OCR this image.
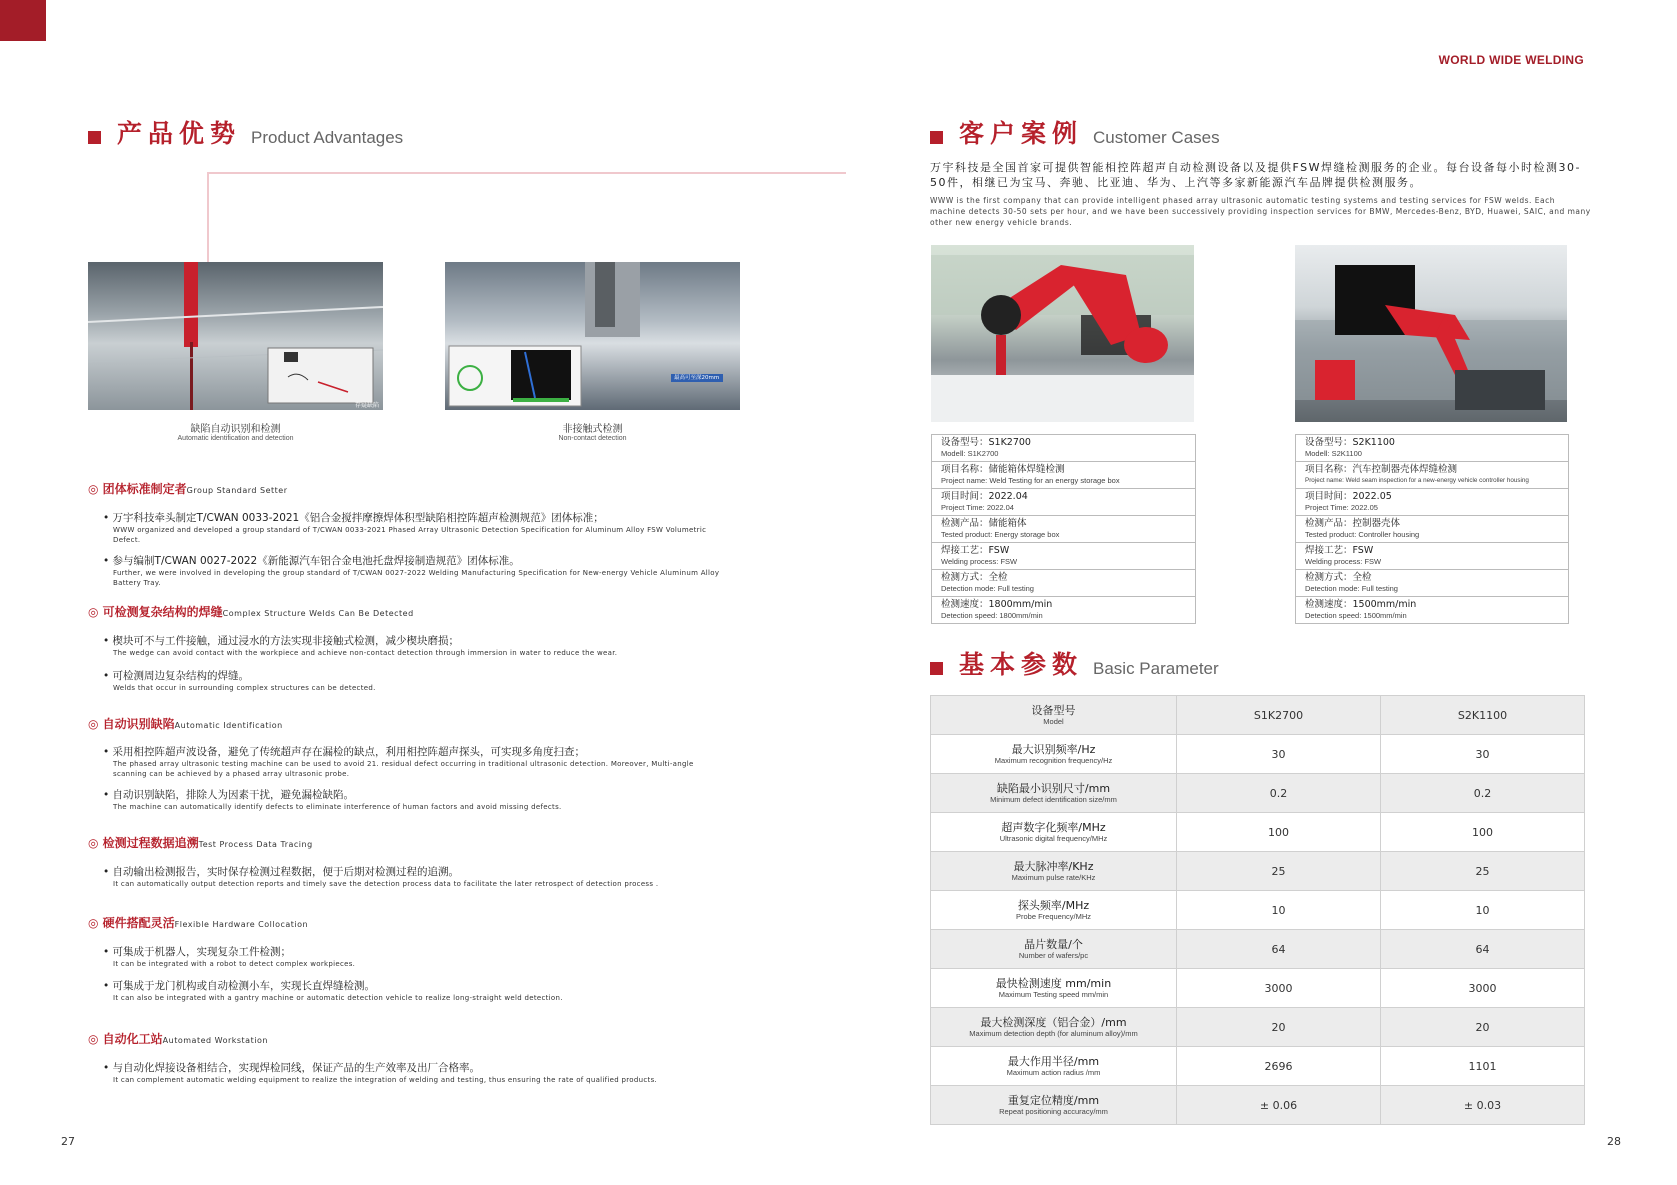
WORLD WIDE WELDING
产品优势 Product Advantages
存疑缺陷
缺陷自动识别和检测
Automatic identification and detection
最高可至深20mm
非接触式检测
Non-contact detection
◎ 团体标准制定者Group Standard Setter
• 万宇科技牵头制定T/CWAN 0033-2021《铝合金搅拌摩擦焊体积型缺陷相控阵超声检测规范》团体标准；
WWW organized and developed a group standard of T/CWAN 0033-2021 Phased Array Ultrasonic Detection Specification for Aluminum Alloy FSW Volumetric Defect.
• 参与编制T/CWAN 0027-2022《新能源汽车铝合金电池托盘焊接制造规范》团体标准。
Further, we were involved in developing the group standard of T/CWAN 0027-2022 Welding Manufacturing Specification for New-energy Vehicle Aluminum Alloy Battery Tray.
◎ 可检测复杂结构的焊缝Complex Structure Welds Can Be Detected
• 楔块可不与工件接触，通过浸水的方法实现非接触式检测，减少楔块磨损；
The wedge can avoid contact with the workpiece and achieve non-contact detection through immersion in water to reduce the wear.
• 可检测周边复杂结构的焊缝。
Welds that occur in surrounding complex structures can be detected.
◎ 自动识别缺陷Automatic Identification
• 采用相控阵超声波设备，避免了传统超声存在漏检的缺点，利用相控阵超声探头，可实现多角度扫查；
The phased array ultrasonic testing machine can be used to avoid 21. residual defect occurring in traditional ultrasonic detection. Moreover, Multi-angle scanning can be achieved by a phased array ultrasonic probe.
• 自动识别缺陷，排除人为因素干扰，避免漏检缺陷。
The machine can automatically identify defects to eliminate interference of human factors and avoid missing defects.
◎ 检测过程数据追溯Test Process Data Tracing
• 自动输出检测报告，实时保存检测过程数据，便于后期对检测过程的追溯。
It can automatically output detection reports and timely save the detection process data to facilitate the later retrospect of detection process .
◎ 硬件搭配灵活Flexible Hardware Collocation
• 可集成于机器人，实现复杂工件检测；
It can be integrated with a robot to detect complex workpieces.
• 可集成于龙门机构或自动检测小车，实现长直焊缝检测。
It can also be integrated with a gantry machine or automatic detection vehicle to realize long-straight weld detection.
◎ 自动化工站Automated Workstation
• 与自动化焊接设备相结合，实现焊检同线，保证产品的生产效率及出厂合格率。
It can complement automatic welding equipment to realize the integration of welding and testing, thus ensuring the rate of qualified products.
27
客户案例 Customer Cases
万宇科技是全国首家可提供智能相控阵超声自动检测设备以及提供FSW焊缝检测服务的企业。每台设备每小时检测30-50件，相继已为宝马、奔驰、比亚迪、华为、上汽等多家新能源汽车品牌提供检测服务。
WWW is the first company that can provide intelligent phased array ultrasonic automatic testing systems and testing services for FSW welds. Each machine detects 30-50 sets per hour, and we have been successively providing inspection services for BMW, Mercedes-Benz, BYD, Huawei, SAIC, and many other new energy vehicle brands.
设备型号：S1K2700
ModeⅡ: S1K2700
项目名称：储能箱体焊缝检测
Project name: Weld Testing for an energy storage box
项目时间：2022.04
Project Time: 2022.04
检测产品：储能箱体
Tested product: Energy storage box
焊接工艺：FSW
Welding process: FSW
检测方式：全检
Detection mode: Full testing
检测速度：1800mm/min
Detection speed: 1800mm/min
设备型号：S2K1100
ModeⅡ: S2K1100
项目名称：汽车控制器壳体焊缝检测
Project name: Weld seam inspection for a new-energy vehicle controller housing
项目时间：2022.05
Project Time: 2022.05
检测产品：控制器壳体
Tested product: Controller housing
焊接工艺：FSW
Welding process: FSW
检测方式：全检
Detection mode: Full testing
检测速度：1500mm/min
Detection speed: 1500mm/min
基本参数 Basic Parameter
设备型号
Model	S1K2700	S2K1100

最大识别频率/Hz
Maximum recognition frequency/Hz	30	30

缺陷最小识别尺寸/mm
Minimum defect identification size/mm	0.2	0.2

超声数字化频率/MHz
Ultrasonic digital frequency/MHz	100	100

最大脉冲率/KHz
Maximum pulse rate/KHz	25	25

探头频率/MHz
Probe Frequency/MHz	10	10

晶片数量/个
Number of wafers/pc	64	64

最快检测速度 mm/min
Maximum Testing speed mm/min	3000	3000

最大检测深度（铝合金）/mm
Maximum detection depth (for aluminum alloy)/mm	20	20

最大作用半径/mm
Maximum action radius /mm	2696	1101

重复定位精度/mm
Repeat positioning accuracy/mm	± 0.06	± 0.03
28
